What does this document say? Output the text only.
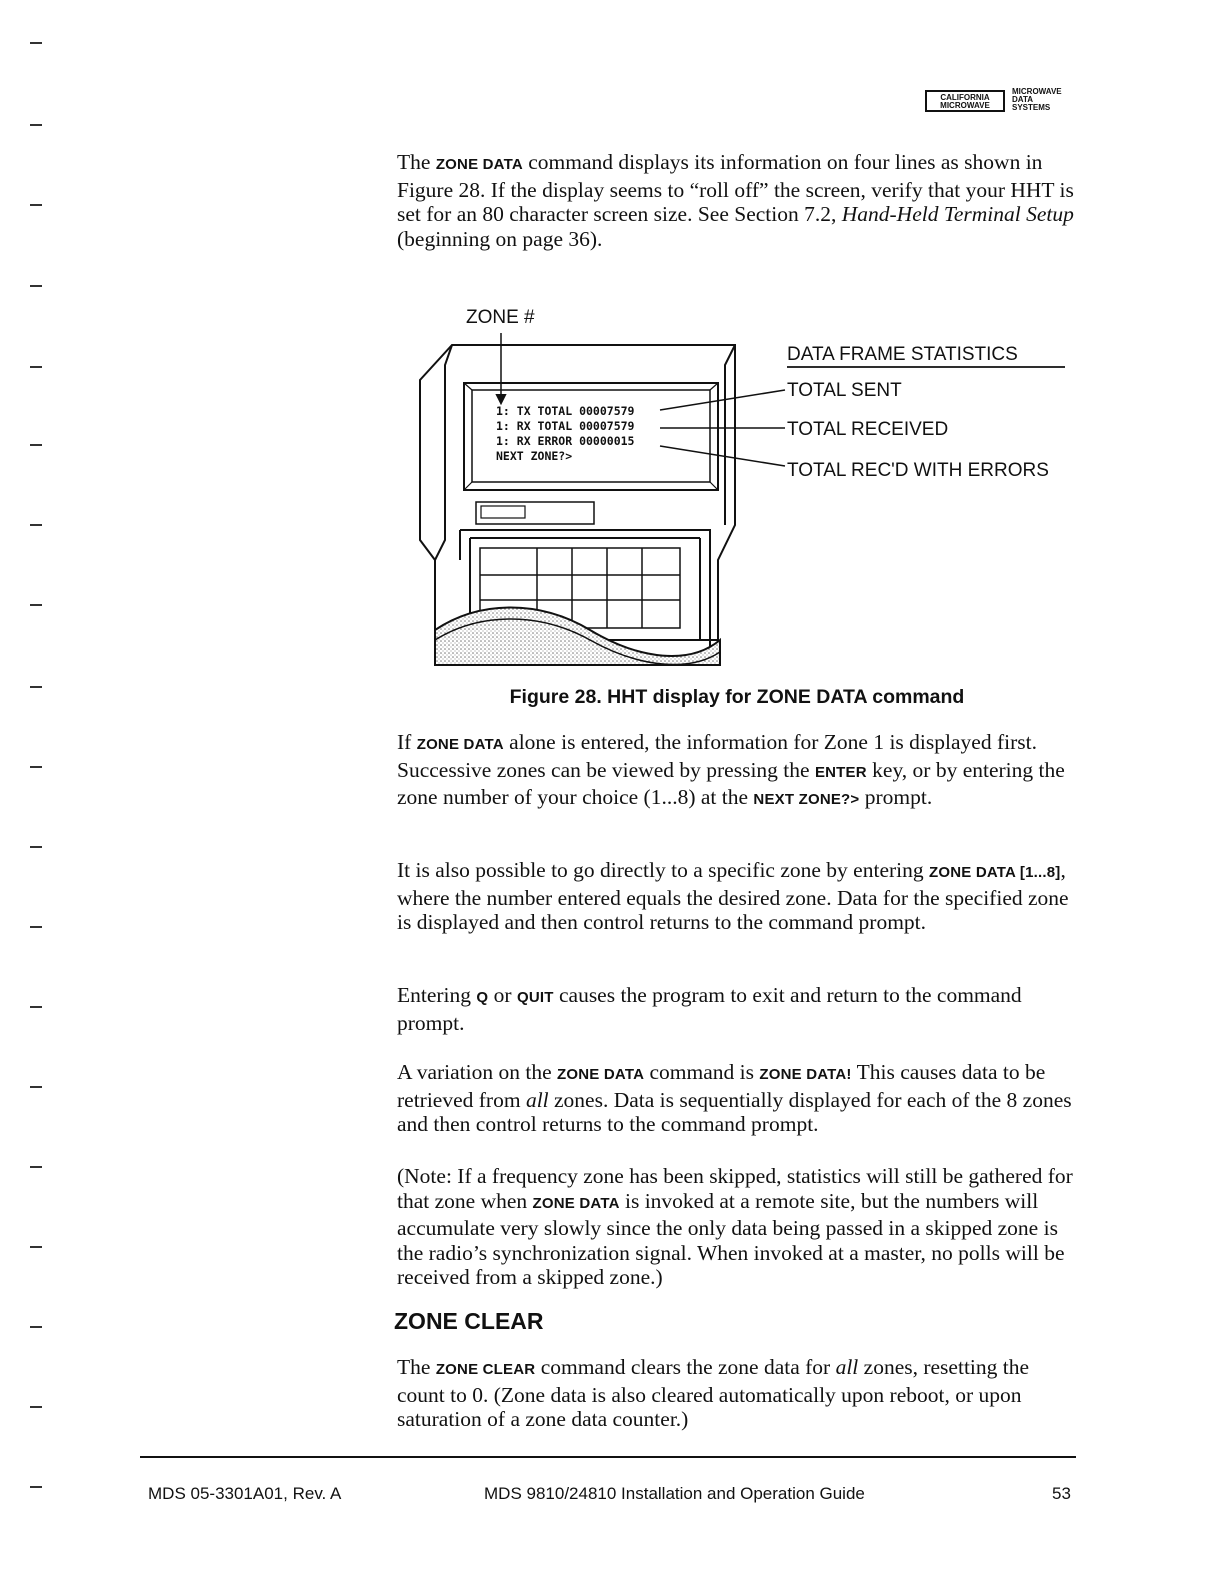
CALIFORNIA
MICROWAVE
MICROWAVE
DATA
SYSTEMS
The ZONE DATA command displays its information on four lines as shown in Figure 28. If the display seems to “roll off” the screen, verify that your HHT is set for an 80 character screen size. See Section 7.2, Hand-Held Terminal Setup (beginning on page 36).
ZONE #
DATA FRAME STATISTICS
TOTAL SENT
TOTAL RECEIVED
TOTAL REC'D WITH ERRORS
1: TX TOTAL 00007579
1: RX TOTAL 00007579
1: RX ERROR 00000015
NEXT ZONE?>
Figure 28. HHT display for ZONE DATA command
If ZONE DATA alone is entered, the information for Zone 1 is displayed first. Successive zones can be viewed by pressing the ENTER key, or by entering the zone number of your choice (1...8) at the NEXT ZONE?> prompt.
It is also possible to go directly to a specific zone by entering ZONE DATA [1...8], where the number entered equals the desired zone. Data for the specified zone is displayed and then control returns to the command prompt.
Entering Q or QUIT causes the program to exit and return to the command prompt.
A variation on the ZONE DATA command is ZONE DATA! This causes data to be retrieved from all zones. Data is sequentially displayed for each of the 8 zones and then control returns to the command prompt.
(Note: If a frequency zone has been skipped, statistics will still be gathered for that zone when ZONE DATA is invoked at a remote site, but the numbers will accumulate very slowly since the only data being passed in a skipped zone is the radio’s synchronization signal. When invoked at a master, no polls will be received from a skipped zone.)
ZONE CLEAR
The ZONE CLEAR command clears the zone data for all zones, resetting the count to 0. (Zone data is also cleared automatically upon reboot, or upon saturation of a zone data counter.)
MDS 05-3301A01, Rev. A	MDS 9810/24810 Installation and Operation Guide	53
